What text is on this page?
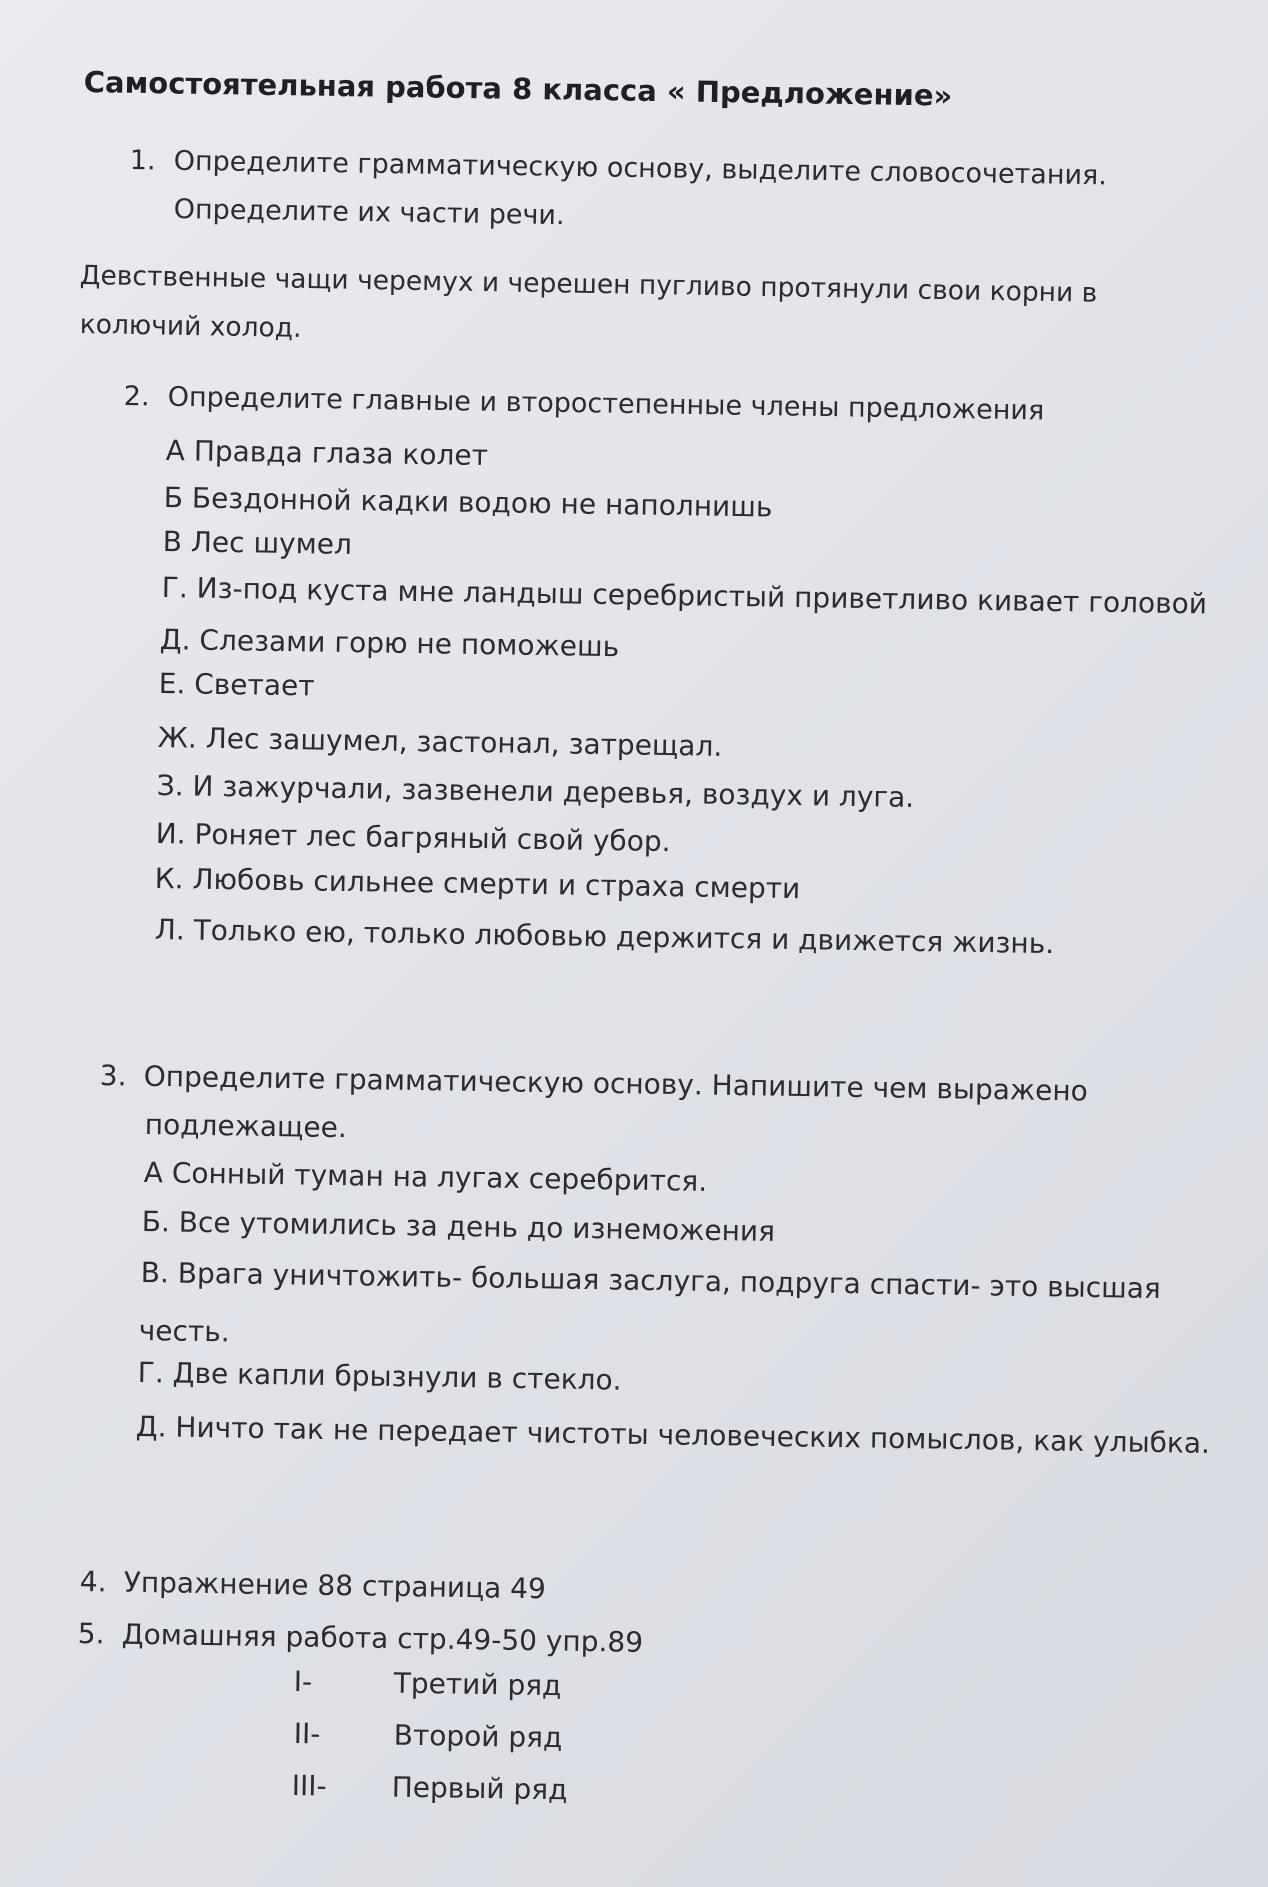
Самостоятельная работа 8 класса « Предложение»
1. Определите грамматическую основу, выделите словосочетания.
Определите их части речи.
Девственные чащи черемух и черешен пугливо протянули свои корни в
колючий холод.
2. Определите главные и второстепенные члены предложения
А Правда глаза колет
Б Бездонной кадки водою не наполнишь
В Лес шумел
Г. Из-под куста мне ландыш серебристый приветливо кивает головой
Д. Слезами горю не поможешь
Е. Светает
Ж. Лес зашумел, застонал, затрещал.
З. И зажурчали, зазвенели деревья, воздух и луга.
И. Роняет лес багряный свой убор.
К. Любовь сильнее смерти и страха смерти
Л. Только ею, только любовью держится и движется жизнь.
3. Определите грамматическую основу. Напишите чем выражено
подлежащее.
А Сонный туман на лугах серебрится.
Б. Все утомились за день до изнеможения
В. Врага уничтожить- большая заслуга, подруга спасти- это высшая
честь.
Г. Две капли брызнули в стекло.
Д. Ничто так не передает чистоты человеческих помыслов, как улыбка.
4. Упражнение 88 страница 49
5. Домашняя работа стр.49-50 упр.89
I-	Третий ряд
II-	Второй ряд
III- Первый ряд
